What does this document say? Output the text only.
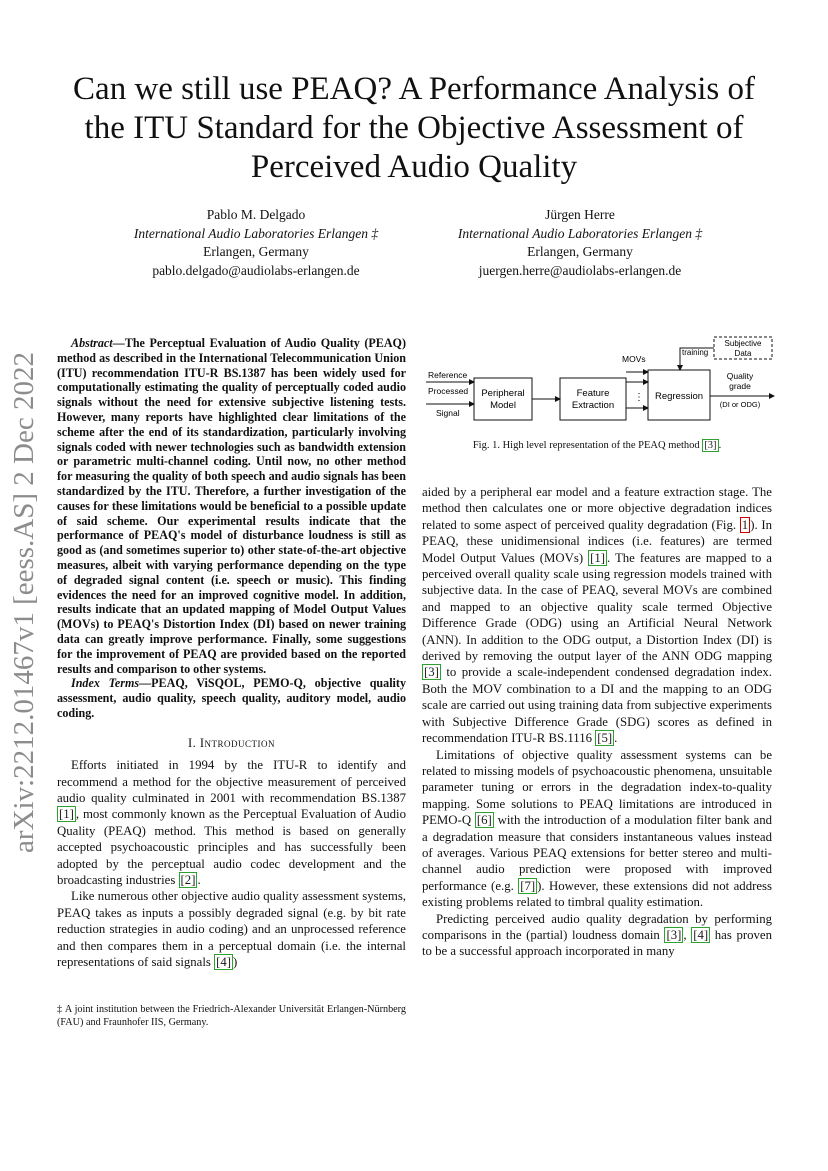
Can we still use PEAQ? A Performance Analysis of
the ITU Standard for the Objective Assessment of
Perceived Audio Quality
Pablo M. Delgado
International Audio Laboratories Erlangen ‡
Erlangen, Germany
pablo.delgado@audiolabs-erlangen.de
Jürgen Herre
International Audio Laboratories Erlangen ‡
Erlangen, Germany
juergen.herre@audiolabs-erlangen.de
arXiv:2212.01467v1 [eess.AS] 2 Dec 2022

Abstract—The Perceptual Evaluation of Audio Quality (PEAQ) method as described in the International Telecommunication Union (ITU) recommendation ITU-R BS.1387 has been widely used for computationally estimating the quality of perceptually coded audio signals without the need for extensive subjective listening tests. However, many reports have highlighted clear limitations of the scheme after the end of its standardization, particularly involving signals coded with newer technologies such as bandwidth extension or parametric multi-channel coding. Until now, no other method for measuring the quality of both speech and audio signals has been standardized by the ITU. Therefore, a further investigation of the causes for these limitations would be beneficial to a possible update of said scheme. Our experimental results indicate that the performance of PEAQ's model of disturbance loudness is still as good as (and sometimes superior to) other state-of-the-art objective measures, albeit with varying performance depending on the type of degraded signal content (i.e. speech or music). This finding evidences the need for an improved cognitive model. In addition, results indicate that an updated mapping of Model Output Values (MOVs) to PEAQ's Distortion Index (DI) based on newer training data can greatly improve performance. Finally, some suggestions for the improvement of PEAQ are provided based on the reported results and comparison to other systems.

Index Terms—PEAQ, ViSQOL, PEMO-Q, objective quality assessment, audio quality, speech quality, auditory model, audio coding.

I. Introduction

Efforts initiated in 1994 by the ITU-R to identify and recommend a method for the objective measurement of perceived audio quality culminated in 2001 with recommendation BS.1387 [1] , most commonly known as the Perceptual Evaluation of Audio Quality (PEAQ) method. This method is based on generally accepted psychoacoustic principles and has successfully been adopted by the perceptual audio codec development and the broadcasting industries [2] .

Like numerous other objective audio quality assessment systems, PEAQ takes as inputs a possibly degraded signal (e.g. by bit rate reduction strategies in audio coding) and an unprocessed reference and then compares them in a perceptual domain (i.e. the internal representations of said signals [4] )

‡ A joint institution between the Friedrich-Alexander Universität Erlangen-Nürnberg (FAU) and Fraunhofer IIS, Germany.
Reference
Processed
Signal
Peripheral
Model
Feature
Extraction
MOVs
⋮
training
Subjective
Data
Regression
Quality
grade
(DI or ODG)
Fig. 1. High level representation of the PEAQ method [3] .

aided by a peripheral ear model and a feature extraction stage. The method then calculates one or more objective degradation indices related to some aspect of perceived quality degradation (Fig. 1 ). In PEAQ, these unidimensional indices (i.e. features) are termed Model Output Values (MOVs) [1] . The features are mapped to a perceived overall quality scale using regression models trained with subjective data. In the case of PEAQ, several MOVs are combined and mapped to an objective quality scale termed Objective Difference Grade (ODG) using an Artificial Neural Network (ANN). In addition to the ODG output, a Distortion Index (DI) is derived by removing the output layer of the ANN ODG mapping [3] to provide a scale-independent condensed degradation index. Both the MOV combination to a DI and the mapping to an ODG scale are carried out using training data from subjective experiments with Subjective Difference Grade (SDG) scores as defined in recommendation ITU-R BS.1116 [5] .

Limitations of objective quality assessment systems can be related to missing models of psychoacoustic phenomena, unsuitable parameter tuning or errors in the degradation index-to-quality mapping. Some solutions to PEAQ limitations are introduced in PEMO-Q [6] with the introduction of a modulation filter bank and a degradation measure that considers instantaneous values instead of averages. Various PEAQ extensions for better stereo and multi-channel audio prediction were proposed with improved performance (e.g. [7] ). However, these extensions did not address existing problems related to timbral quality estimation.

Predicting perceived audio quality degradation by performing comparisons in the (partial) loudness domain [3] , [4] has proven to be a successful approach incorporated in many
